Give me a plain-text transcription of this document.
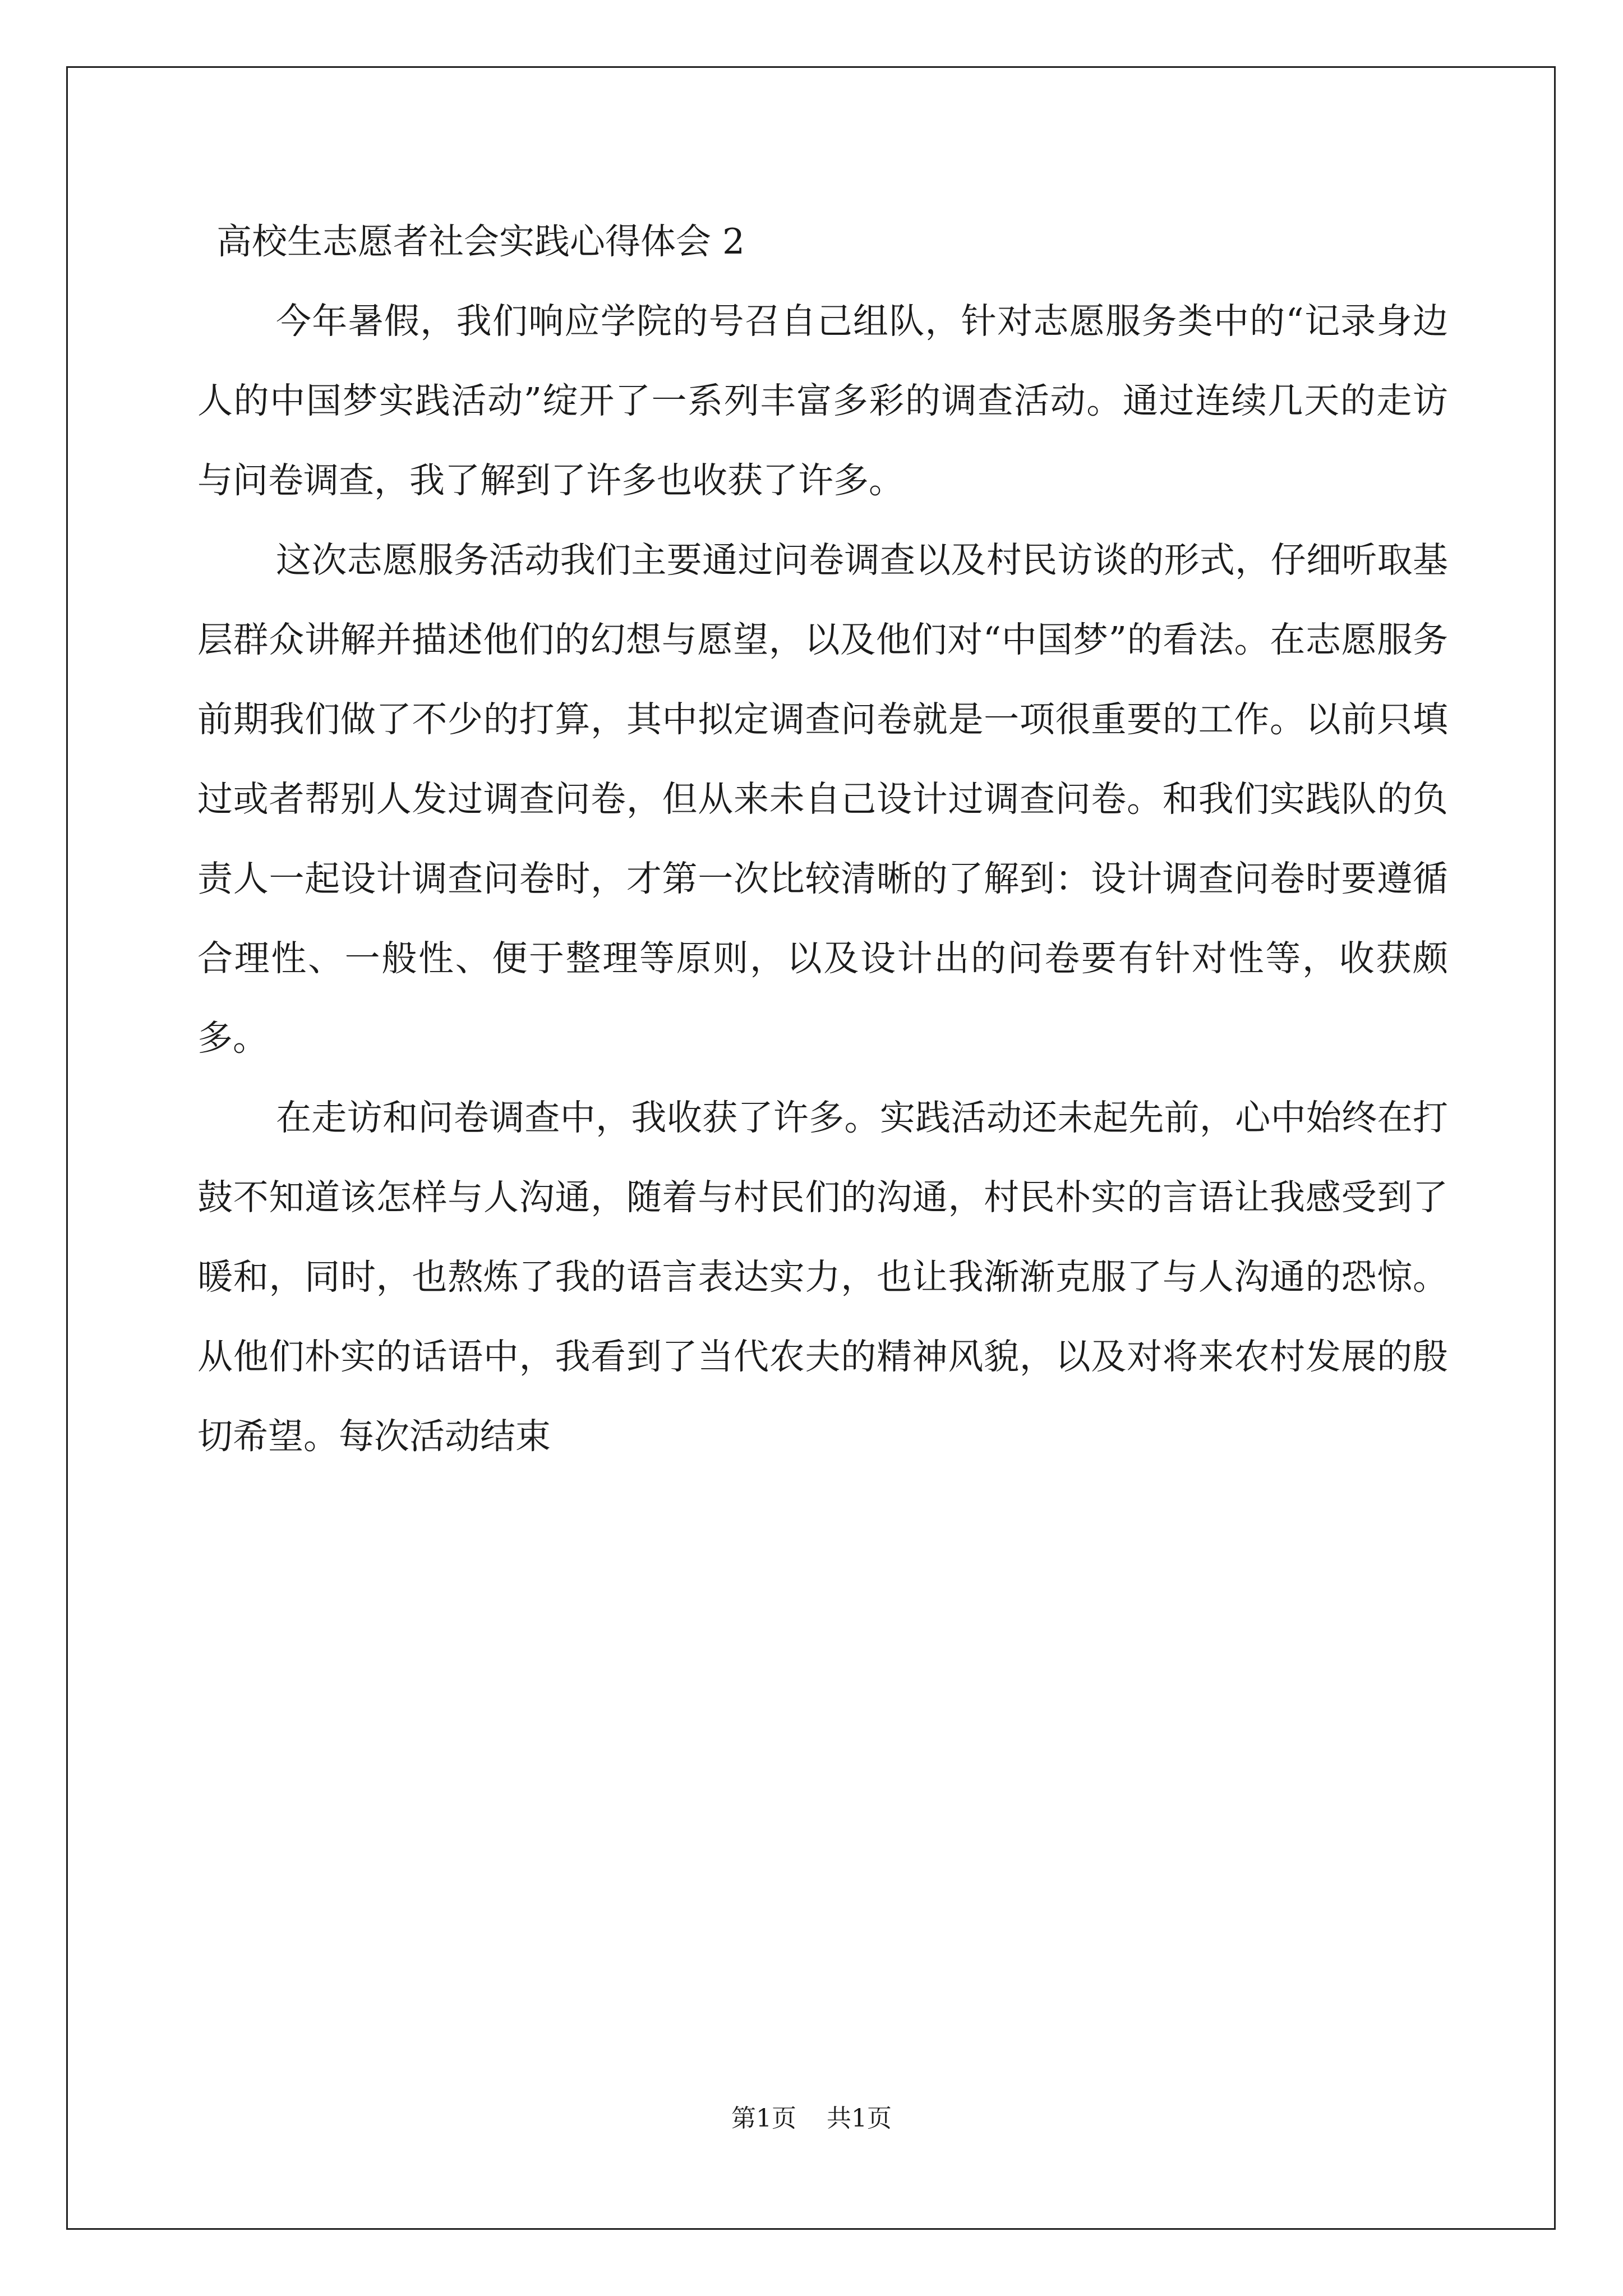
高校生志愿者社会实践心得体会 2

今年暑假，我们响应学院的号召自己组队，针对志愿服务类中的“记录身边人的中国梦实践活动”绽开了一系列丰富多彩的调查活动。通过连续几天的走访与问卷调查，我了解到了许多也收获了许多。

这次志愿服务活动我们主要通过问卷调查以及村民访谈的形式，仔细听取基层群众讲解并描述他们的幻想与愿望，以及他们对“中国梦”的看法。在志愿服务前期我们做了不少的打算，其中拟定调查问卷就是一项很重要的工作。以前只填过或者帮别人发过调查问卷，但从来未自己设计过调查问卷。和我们实践队的负责人一起设计调查问卷时，才第一次比较清晰的了解到：设计调查问卷时要遵循合理性、一般性、便于整理等原则，以及设计出的问卷要有针对性等，收获颇多。

在走访和问卷调查中，我收获了许多。实践活动还未起先前，心中始终在打鼓不知道该怎样与人沟通，随着与村民们的沟通，村民朴实的言语让我感受到了暖和，同时，也熬炼了我的语言表达实力，也让我渐渐克服了与人沟通的恐惊。从他们朴实的话语中，我看到了当代农夫的精神风貌，以及对将来农村发展的殷切希望。每次活动结束

第1页 共1页
